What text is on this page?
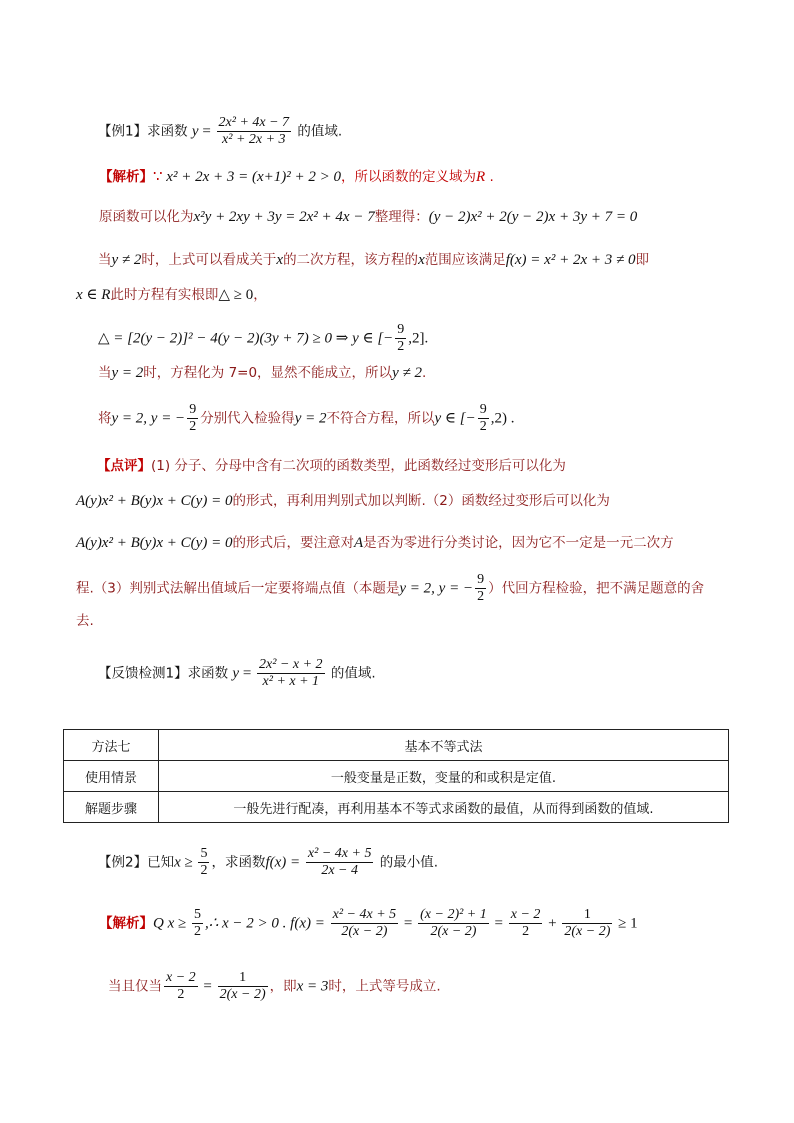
【例1】求函数 $y = \frac{\text{2x² + 4x − 7}}{\text{x² + 2x + 3}}$ 的值域.
【解析】∵ x² + 2x + 3 = (x+1)² + 2 > 0，所以函数的定义域为R .
原函数可以化为x²y + 2xy + 3y = 2x² + 4x − 7整理得：(y − 2)x² + 2(y − 2)x + 3y + 7 = 0
当y ≠ 2时，上式可以看成关于x的二次方程，该方程的x范围应该满足f(x) = x² + 2x + 3 ≠ 0即
x ∈ R此时方程有实根即△ ≥ 0，
△ = [2(y − 2)]² − 4(y − 2)(3y + 7) ≥ 0 ⇒ y ∈ [− $\frac{9}{2} ,2$].
当y = 2时，方程化为 7=0，显然不能成立，所以y ≠ 2.
将y = 2, y = − $\frac{9}{2}$ 分别代入检验得y = 2不符合方程，所以y ∈ [− $\frac{9}{2} ,2$) .
【点评】(1) 分子、分母中含有二次项的函数类型，此函数经过变形后可以化为
A(y)x² + B(y)x + C(y) = 0的形式，再利用判别式加以判断.（2）函数经过变形后可以化为
A(y)x² + B(y)x + C(y) = 0的形式后，要注意对A是否为零进行分类讨论，因为它不一定是一元二次方
程.（3）判别式法解出值域后一定要将端点值（本题是y = 2, y = − $\frac{9}{2}$ ）代回方程检验，把不满足题意的舍
去.
【反馈检测1】求函数 $y = \frac{\text{2x² − x + 2}}{\text{x² + x + 1}}$ 的值域.
方法七	基本不等式法
使用情景	一般变量是正数，变量的和或积是定值.
解题步骤	一般先进行配凑，再利用基本不等式求函数的最值，从而得到函数的值域.
【例2】已知$x \ge \frac{5}{2}$ ，求函数$f(x) = \frac{\text{x² − 4x + 5}}{2x - 4}$ 的最小值.
【解析】Q $x \ge \frac{5}{2}$ ,∴ x − 2 > 0 . $f(x) = \frac{\text{x² − 4x + 5}}{2(x - 2)} = \frac{\text{(x − 2)² + 1}}{2(x - 2)} = \frac{x - 2}{2} + \frac{1}{2(x - 2)} \ge 1$
当且仅当 $\frac{x - 2}{2} = \frac{1}{2(x - 2)}$ ，即x = 3时，上式等号成立.
